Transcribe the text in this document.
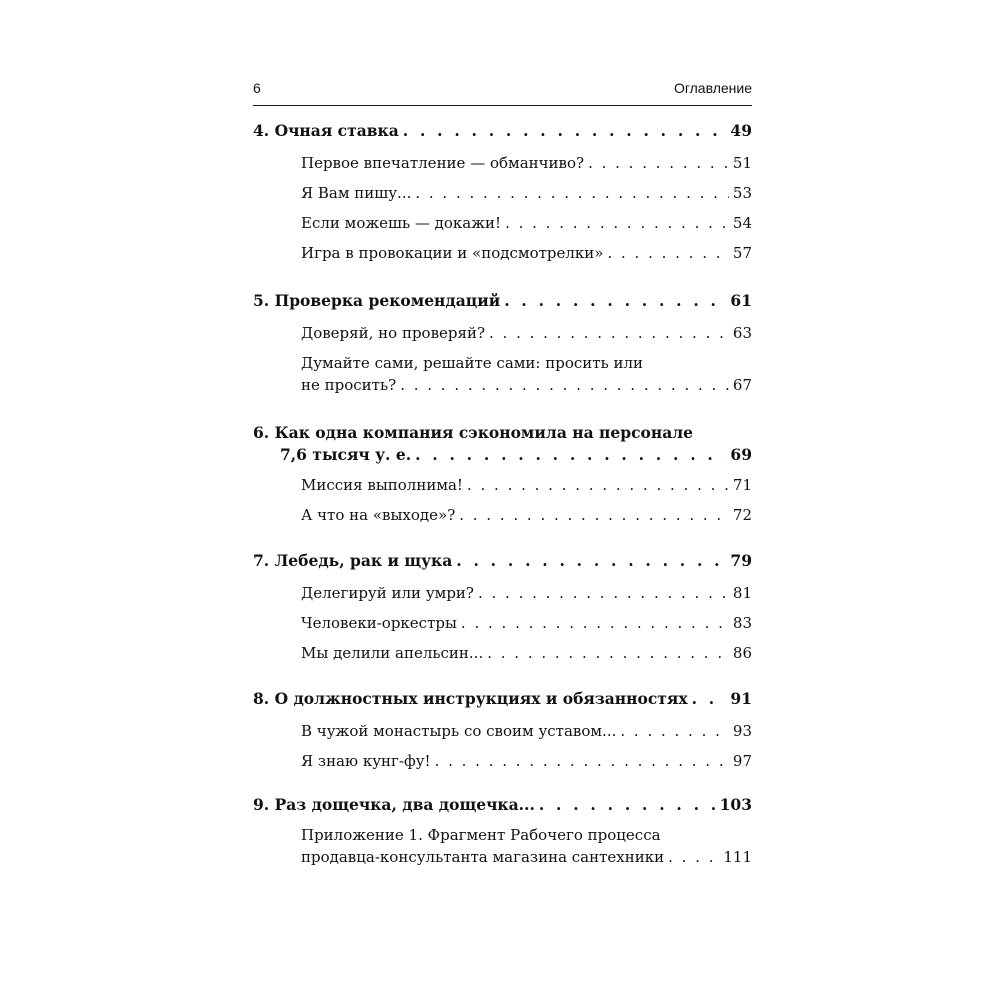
6	Оглавление
4. Очная ставка . . .	49
Первое впечатление — обманчиво? . . .	51
Я Вам пишу... . . .	53
Если можешь — докажи! . . .	54
Игра в провокации и «подсмотрелки» . . .	57
5. Проверка рекомендаций . . .	61
Доверяй, но проверяй? . . .	63
Думайте сами, решайте сами: просить или
не просить? . . .	67
6. Как одна компания сэкономила на персонале
7,6 тысяч у. е. . . .	69
Миссия выполнима! . . .	71
А что на «выходе»? . . .	72
7. Лебедь, рак и щука . . .	79
Делегируй или умри? . . .	81
Человеки-оркестры . . .	83
Мы делили апельсин... . . .	86
8. О должностных инструкциях и обязанностях . . .	91
В чужой монастырь со своим уставом... . . .	93
Я знаю кунг-фу! . . .	97
9. Раз дощечка, два дощечка... . . .	103
Приложение 1. Фрагмент Рабочего процесса
продавца-консультанта магазина сантехники . . .	111
